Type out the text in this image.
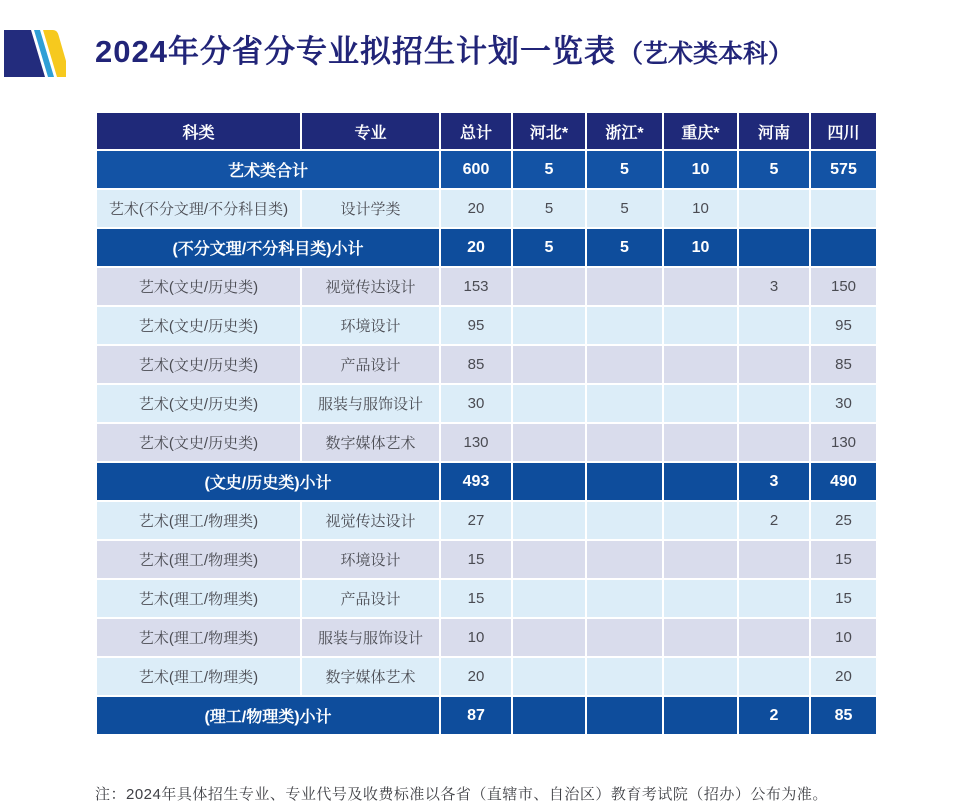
2024年分省分专业拟招生计划一览表（艺术类本科）
科类	专业	总计	河北*	浙江*	重庆*	河南	四川
艺术类合计		600	5	5	10	5	575
艺术(不分文理/不分科目类)	设计学类	20	5	5	10		
(不分文理/不分科目类)小计		20	5	5	10		
艺术(文史/历史类)	视觉传达设计	153				3	150
艺术(文史/历史类)	环境设计	95					95
艺术(文史/历史类)	产品设计	85					85
艺术(文史/历史类)	服装与服饰设计	30					30
艺术(文史/历史类)	数字媒体艺术	130					130
(文史/历史类)小计		493				3	490
艺术(理工/物理类)	视觉传达设计	27				2	25
艺术(理工/物理类)	环境设计	15					15
艺术(理工/物理类)	产品设计	15					15
艺术(理工/物理类)	服装与服饰设计	10					10
艺术(理工/物理类)	数字媒体艺术	20					20
(理工/物理类)小计		87				2	85

注：2024年具体招生专业、专业代号及收费标准以各省（直辖市、自治区）教育考试院（招办）公布为准。
